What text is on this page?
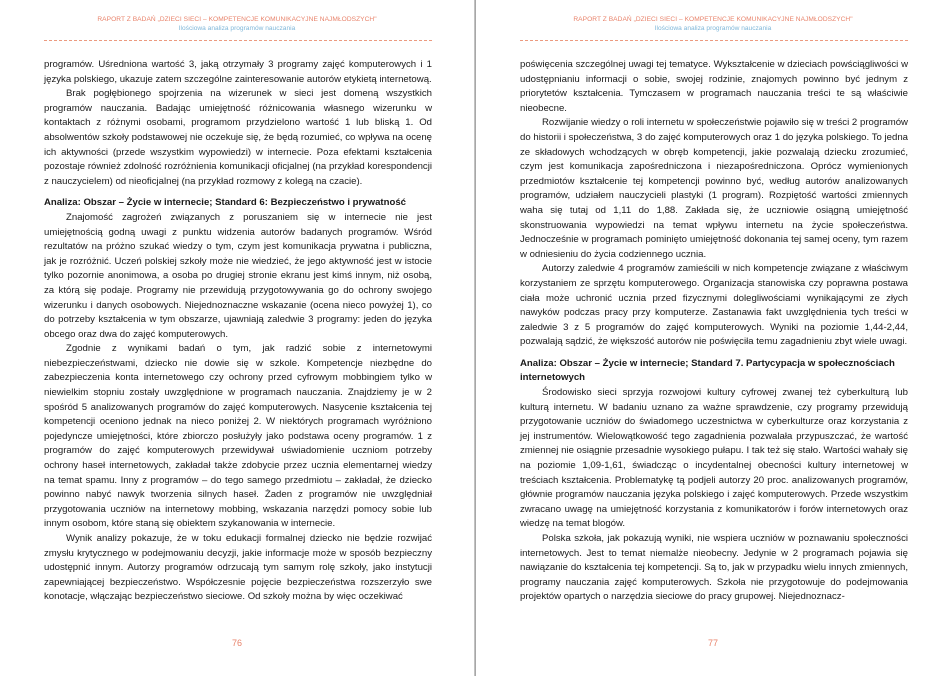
RAPORT Z BADAŃ „DZIECI SIECI – KOMPETENCJE KOMUNIKACYJNE NAJMŁODSZYCH"
Ilościowa analiza programów nauczania

programów. Uśredniona wartość 3, jaką otrzymały 3 programy zajęć komputerowych i 1 języka polskiego, ukazuje zatem szczególne zainteresowanie autorów etykietą internetową.

Brak pogłębionego spojrzenia na wizerunek w sieci jest domeną wszystkich programów nauczania. Badając umiejętność różnicowania własnego wizerunku w kontaktach z różnymi osobami, programom przydzielono wartość 1 lub bliską 1. Od absolwentów szkoły podstawowej nie oczekuje się, że będą rozumieć, co wpływa na ocenę ich aktywności (przede wszystkim wypowiedzi) w internecie. Poza efektami kształcenia pozostaje również zdolność rozróżnienia komunikacji oficjalnej (na przykład korespondencji z nauczycielem) od nieoficjalnej (na przykład rozmowy z kolegą na czacie).

Analiza: Obszar – Życie w internecie; Standard 6: Bezpieczeństwo i prywatność

Znajomość zagrożeń związanych z poruszaniem się w internecie nie jest umiejętnością godną uwagi z punktu widzenia autorów badanych programów. Wśród rezultatów na próżno szukać wiedzy o tym, czym jest komunikacja prywatna i publiczna, jak je rozróżnić. Uczeń polskiej szkoły może nie wiedzieć, że jego aktywność jest w istocie tylko pozornie anonimowa, a osoba po drugiej stronie ekranu jest kimś innym, niż osobą, za którą się podaje. Programy nie przewidują przygotowywania go do ochrony swojego wizerunku i danych osobowych. Niejednoznaczne wskazanie (ocena nieco powyżej 1), co do potrzeby kształcenia w tym obszarze, ujawniają zaledwie 3 programy: jeden do języka obcego oraz dwa do zajęć komputerowych.

Zgodnie z wynikami badań o tym, jak radzić sobie z internetowymi niebezpieczeństwami, dziecko nie dowie się w szkole. Kompetencje niezbędne do zabezpieczenia konta internetowego czy ochrony przed cyfrowym mobbingiem tylko w niewielkim stopniu zostały uwzględnione w programach nauczania. Znajdziemy je w 2 spośród 5 analizowanych programów do zajęć komputerowych. Nasycenie kształcenia tej kompetencji oceniono jednak na nieco poniżej 2. W niektórych programach wyróżniono pojedyncze umiejętności, które zbiorczo posłużyły jako podstawa oceny programów. 1 z programów do zajęć komputerowych przewidywał uświadomienie uczniom potrzeby ochrony haseł internetowych, zakładał także zdobycie przez ucznia elementarnej wiedzy na temat spamu. Inny z programów – do tego samego przedmiotu – zakładał, że dziecko powinno nabyć nawyk tworzenia silnych haseł. Żaden z programów nie uwzględniał przygotowania uczniów na internetowy mobbing, wskazania narzędzi pomocy sobie lub innym osobom, które staną się obiektem szykanowania w internecie.

Wynik analizy pokazuje, że w toku edukacji formalnej dziecko nie będzie rozwijać zmysłu krytycznego w podejmowaniu decyzji, jakie informacje może w sposób bezpieczny udostępnić innym. Autorzy programów odrzucają tym samym rolę szkoły, jako instytucji zapewniającej bezpieczeństwo. Współczesnie pojęcie bezpieczeństwa rozszerzyło swe konotacje, włączając bezpieczeństwo sieciowe. Od szkoły można by więc oczekiwać

76
RAPORT Z BADAŃ „DZIECI SIECI – KOMPETENCJE KOMUNIKACYJNE NAJMŁODSZYCH"
Ilościowa analiza programów nauczania

poświęcenia szczególnej uwagi tej tematyce. Wykształcenie w dzieciach powściągliwości w udostępnianiu informacji o sobie, swojej rodzinie, znajomych powinno być jednym z priorytetów kształcenia. Tymczasem w programach nauczania treści te są właściwie nieobecne.

Rozwijanie wiedzy o roli internetu w społeczeństwie pojawiło się w treści 2 programów do historii i społeczeństwa, 3 do zajęć komputerowych oraz 1 do języka polskiego. To jedna ze składowych wchodzących w obręb kompetencji, jakie pozwalają dziecku zrozumieć, czym jest komunikacja zapośredniczona i niezapośredniczona. Oprócz wymienionych przedmiotów kształcenie tej kompetencji powinno być, według autorów analizowanych programów, udziałem nauczycieli plastyki (1 program). Rozpiętość wartości zmiennych waha się tutaj od 1,11 do 1,88. Zakłada się, że uczniowie osiągną umiejętność skonstruowania wypowiedzi na temat wpływu internetu na życie społeczeństwa. Jednocześnie w programach pominięto umiejętność dokonania tej samej oceny, tym razem w odniesieniu do życia codziennego ucznia.

Autorzy zaledwie 4 programów zamieścili w nich kompetencje związane z właściwym korzystaniem ze sprzętu komputerowego. Organizacja stanowiska czy poprawna postawa ciała może uchronić ucznia przed fizycznymi dolegliwościami wynikającymi ze złych nawyków podczas pracy przy komputerze. Zastanawia fakt uwzględnienia tych treści w zaledwie 3 z 5 programów do zajęć komputerowych. Wyniki na poziomie 1,44-2,44, pozwalają sądzić, że większość autorów nie poświęciła temu zagadnieniu zbyt wiele uwagi.

Analiza: Obszar – Życie w internecie; Standard 7. Partycypacja w społecznościach internetowych

Środowisko sieci sprzyja rozwojowi kultury cyfrowej zwanej też cyberkulturą lub kulturą internetu. W badaniu uznano za ważne sprawdzenie, czy programy przewidują przygotowanie uczniów do świadomego uczestnictwa w cyberkulturze oraz korzystania z jej instrumentów. Wielowątkowość tego zagadnienia pozwalała przypuszczać, że wartość zmiennej nie osiągnie przesadnie wysokiego pułapu. I tak też się stało. Wartości wahały się na poziomie 1,09-1,61, świadcząc o incydentalnej obecności kultury internetowej w treściach kształcenia. Problematykę tą podjeli autorzy 20 proc. analizowanych programów, głównie programów nauczania języka polskiego i zajęć komputerowych. Przede wszystkim zwracano uwagę na umiejętność korzystania z komunikatorów i forów internetowych oraz wiedzę na temat blogów.

Polska szkoła, jak pokazują wyniki, nie wspiera uczniów w poznawaniu społeczności internetowych. Jest to temat niemalże nieobecny. Jedynie w 2 programach pojawia się nawiązanie do kształcenia tej kompetencji. Są to, jak w przypadku wielu innych zmiennych, programy nauczania zajęć komputerowych. Szkoła nie przygotowuje do podejmowania projektów opartych o narzędzia sieciowe do pracy grupowej. Niejednoznacz-

77
